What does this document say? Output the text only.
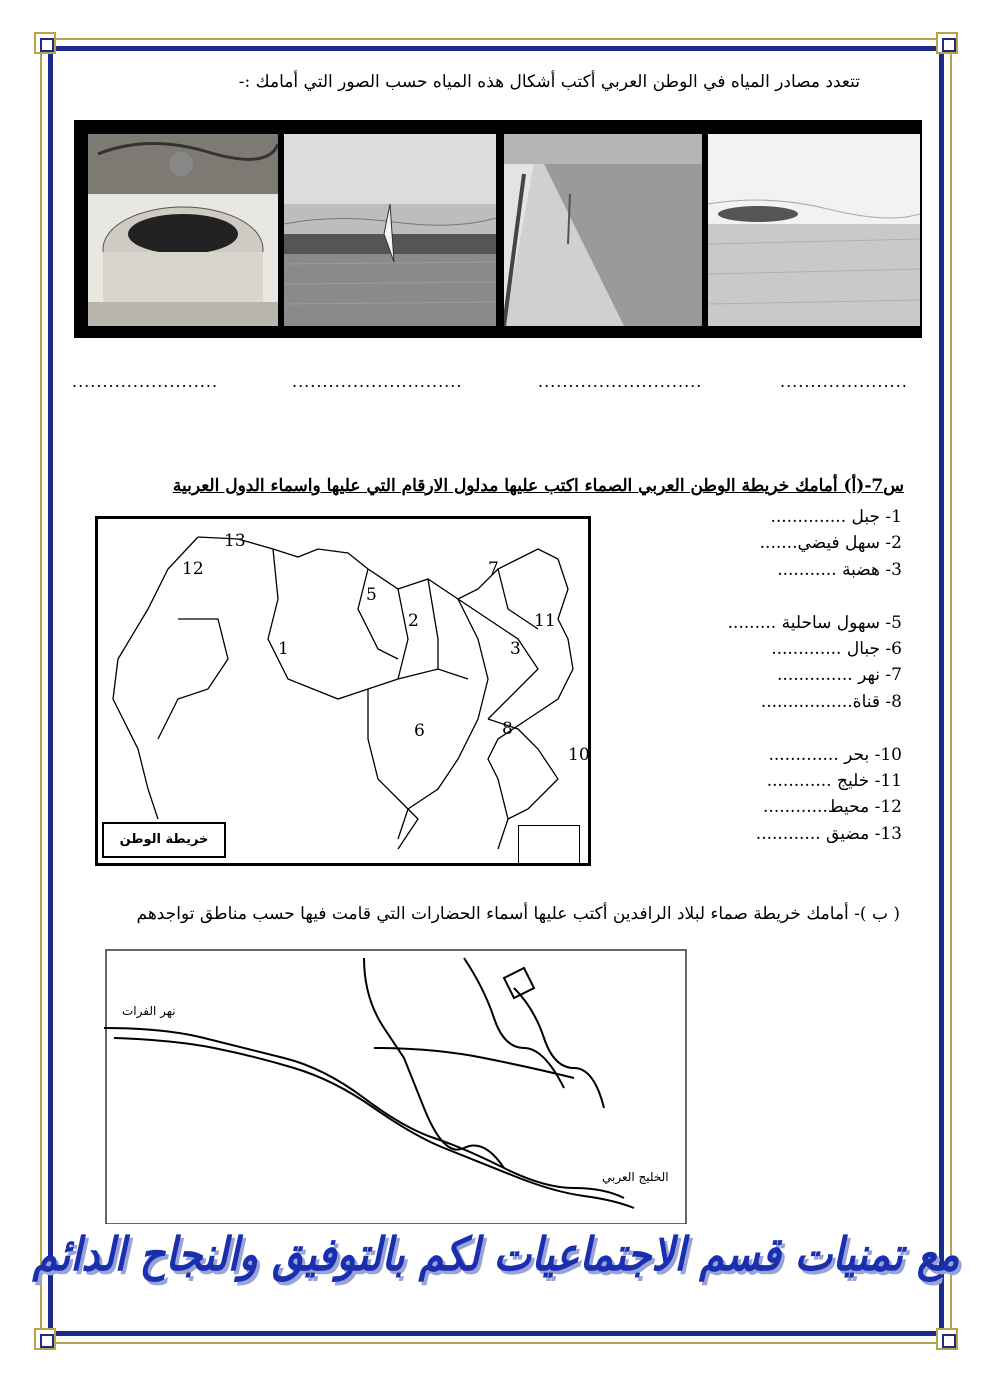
تتعدد مصادر المياه في الوطن العربي أكتب أشكال هذه المياه حسب الصور التي أمامك :-
........................	............................	...........................	.....................
س7-(أ) أمامك خريطة الوطن العربي الصماء اكتب عليها مدلول الارقام التي عليها واسماء الدول العربية
1- جبل ..............
2- سهل فيضي.......
3- هضبة ...........
5- سهول ساحلية .........
6- جبال .............
7- نهر ..............
8- قناة.................
10- بحر .............
11- خليج ............
12- محيط............
13- مضيق ............
13
12	7
5
2	11
1	3
8
6
10
خريطة الوطن
( ب )- أمامك خريطة صماء لبلاد الرافدين أكتب عليها أسماء الحضارات التي قامت فيها حسب مناطق تواجدهم
نهر الفرات
الخليج العربي
مع تمنيات قسم الاجتماعيات لكم بالتوفيق والنجاح الدائم
